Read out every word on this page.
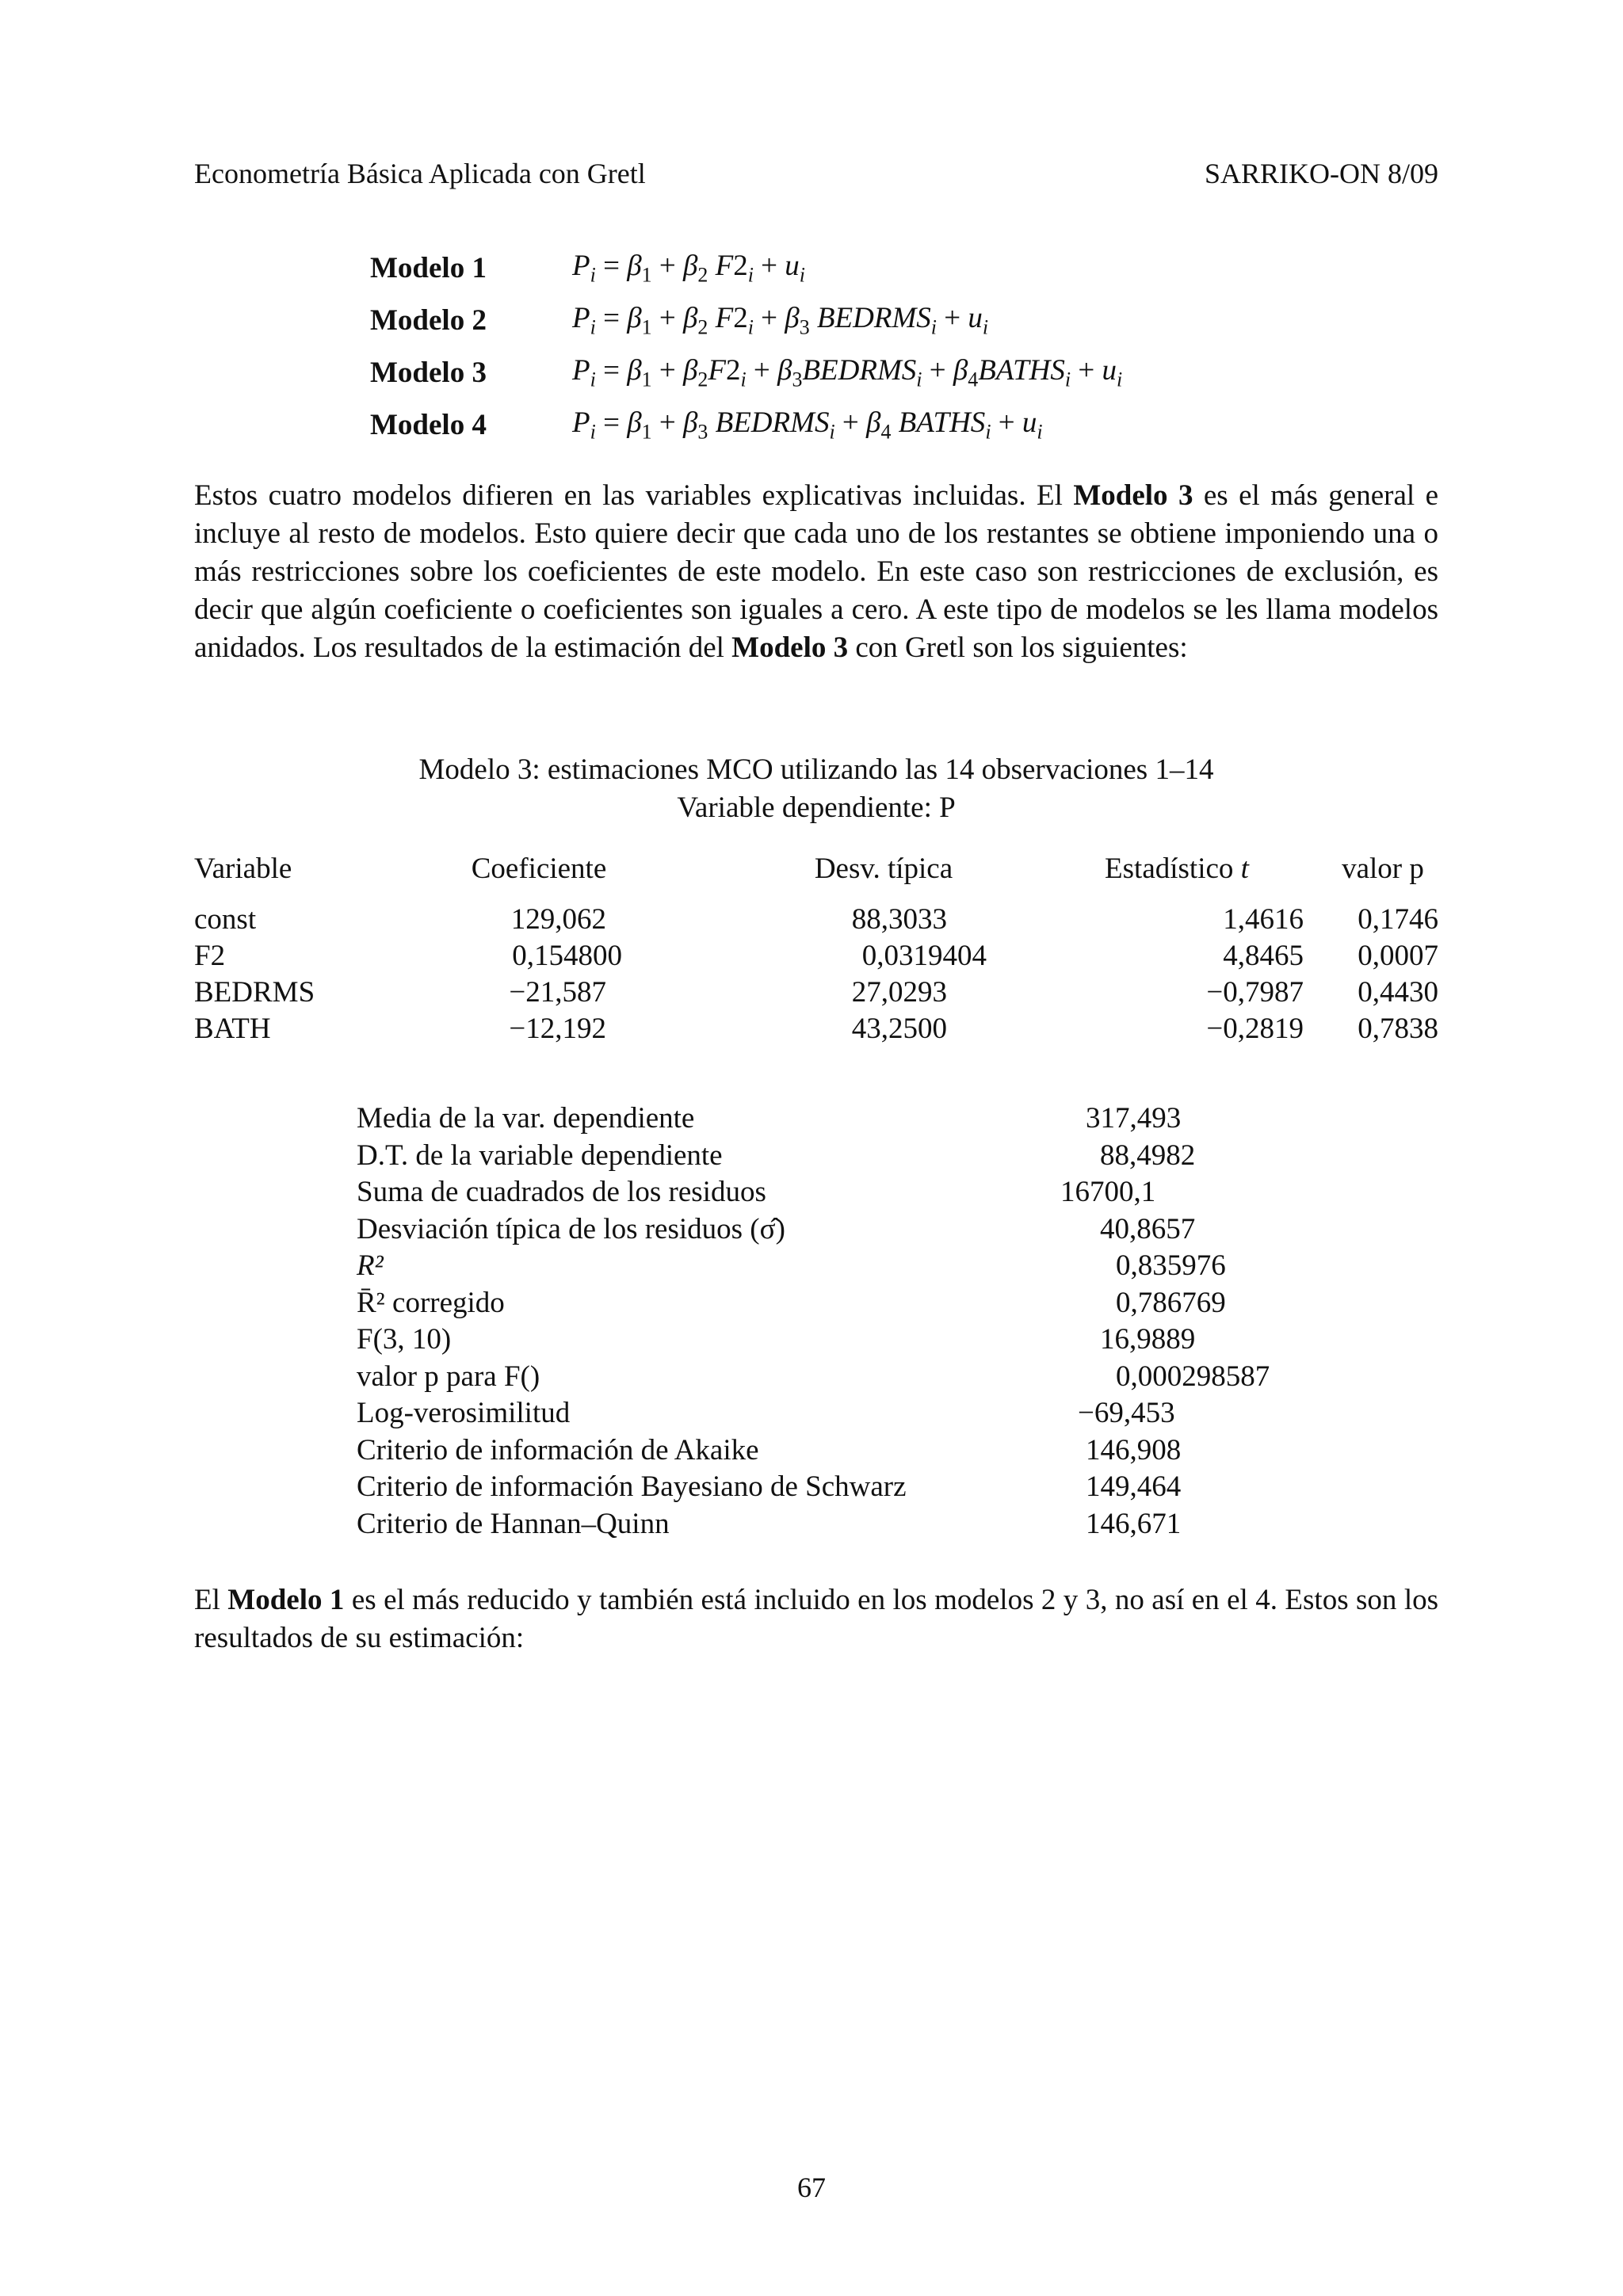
Econometría Básica Aplicada con Gretl	SARRIKO-ON 8/09
Modelo 1	$P_i = \beta_1 + \beta_2$ $F2_i + u_i$
Modelo 2	$P_i = \beta_1 + \beta_2$ $F2_i + \beta_3$ $BEDRMS_i + u_i$
Modelo 3	$P_i = \beta_1 + \beta_2F2_i$ + $\beta_3BEDRMS_i$ + $\beta_4BATHS_i + u_i$
Modelo 4	$P_i = \beta_1 + \beta_3$ $BEDRMS_i + \beta_4$ $BATHS_i + u_i$
Estos cuatro modelos difieren en las variables explicativas incluidas. El Modelo 3 es el más general e incluye al resto de modelos. Esto quiere decir que cada uno de los restantes se obtiene imponiendo una o más restricciones sobre los coeficientes de este modelo. En este caso son restricciones de exclusión, es decir que algún coeficiente o coeficientes son iguales a cero. A este tipo de modelos se les llama modelos anidados. Los resultados de la estimación del Modelo 3 con Gretl son los siguientes:
Modelo 3: estimaciones MCO utilizando las 14 observaciones 1–14
Variable dependiente: P
Variable	Coeficiente	Desv. típica	Estadístico t	valor p
const	129,062	88,3033	1,4616	0,1746
F2	0,154800	0,0319404	4,8465	0,0007
BEDRMS	−21,587	27,0293	−0,7987	0,4430
BATH	−12,192	43,2500	−0,2819	0,7838
Media de la var. dependiente	317,493
D.T. de la variable dependiente	88,4982
Suma de cuadrados de los residuos	16700,1
Desviación típica de los residuos (σ̂)	40,8657
R²	0,835976
R̄² corregido	0,786769
F(3, 10)	16,9889
valor p para F()	0,000298587
Log-verosimilitud	−69,453
Criterio de información de Akaike	146,908
Criterio de información Bayesiano de Schwarz	149,464
Criterio de Hannan–Quinn	146,671
El Modelo 1 es el más reducido y también está incluido en los modelos 2 y 3, no así en el 4. Estos son los resultados de su estimación:
67
